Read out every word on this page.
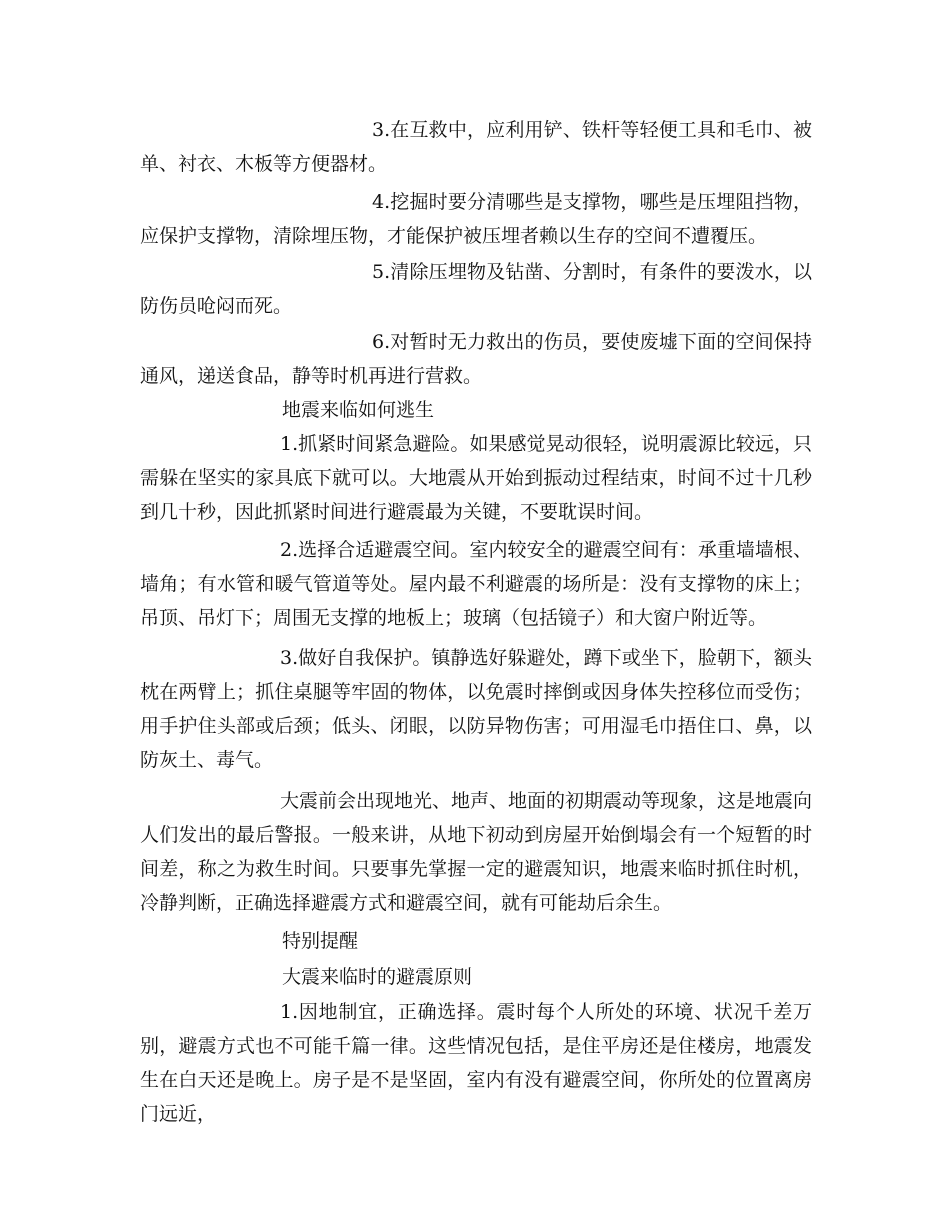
3.在互救中，应利用铲、铁杆等轻便工具和毛巾、被单、衬衣、木板等方便器材。

4.挖掘时要分清哪些是支撑物，哪些是压埋阻挡物，应保护支撑物，清除埋压物，才能保护被压埋者赖以生存的空间不遭覆压。

5.清除压埋物及钻凿、分割时，有条件的要泼水，以防伤员呛闷而死。

6.对暂时无力救出的伤员，要使废墟下面的空间保持通风，递送食品，静等时机再进行营救。

地震来临如何逃生

1.抓紧时间紧急避险。如果感觉晃动很轻，说明震源比较远，只需躲在坚实的家具底下就可以。大地震从开始到振动过程结束，时间不过十几秒到几十秒，因此抓紧时间进行避震最为关键，不要耽误时间。

2.选择合适避震空间。室内较安全的避震空间有：承重墙墙根、墙角；有水管和暖气管道等处。屋内最不利避震的场所是：没有支撑物的床上；吊顶、吊灯下；周围无支撑的地板上；玻璃（包括镜子）和大窗户附近等。

3.做好自我保护。镇静选好躲避处，蹲下或坐下，脸朝下，额头枕在两臂上；抓住桌腿等牢固的物体，以免震时摔倒或因身体失控移位而受伤；用手护住头部或后颈；低头、闭眼，以防异物伤害；可用湿毛巾捂住口、鼻，以防灰土、毒气。

大震前会出现地光、地声、地面的初期震动等现象，这是地震向人们发出的最后警报。一般来讲，从地下初动到房屋开始倒塌会有一个短暂的时间差，称之为救生时间。只要事先掌握一定的避震知识，地震来临时抓住时机，冷静判断，正确选择避震方式和避震空间，就有可能劫后余生。

特别提醒

大震来临时的避震原则

1.因地制宜，正确选择。震时每个人所处的环境、状况千差万别，避震方式也不可能千篇一律。这些情况包括，是住平房还是住楼房，地震发生在白天还是晚上。房子是不是坚固，室内有没有避震空间，你所处的位置离房门远近，
